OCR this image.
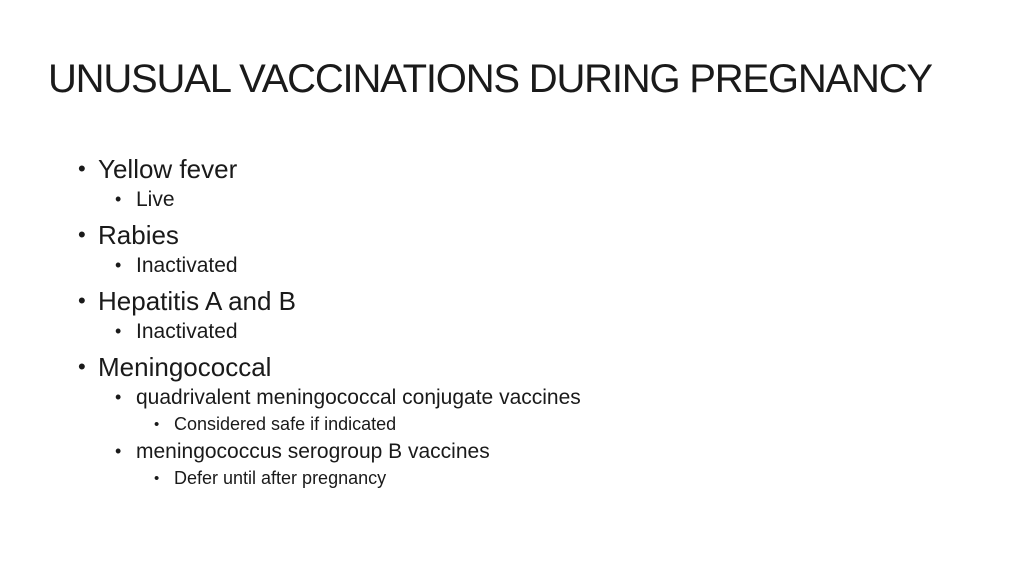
UNUSUAL VACCINATIONS DURING PREGNANCY
• Yellow fever
• Live
• Rabies
• Inactivated
• Hepatitis A and B
• Inactivated
• Meningococcal
• quadrivalent meningococcal conjugate vaccines
• Considered safe if indicated
• meningococcus serogroup B vaccines
• Defer until after pregnancy
